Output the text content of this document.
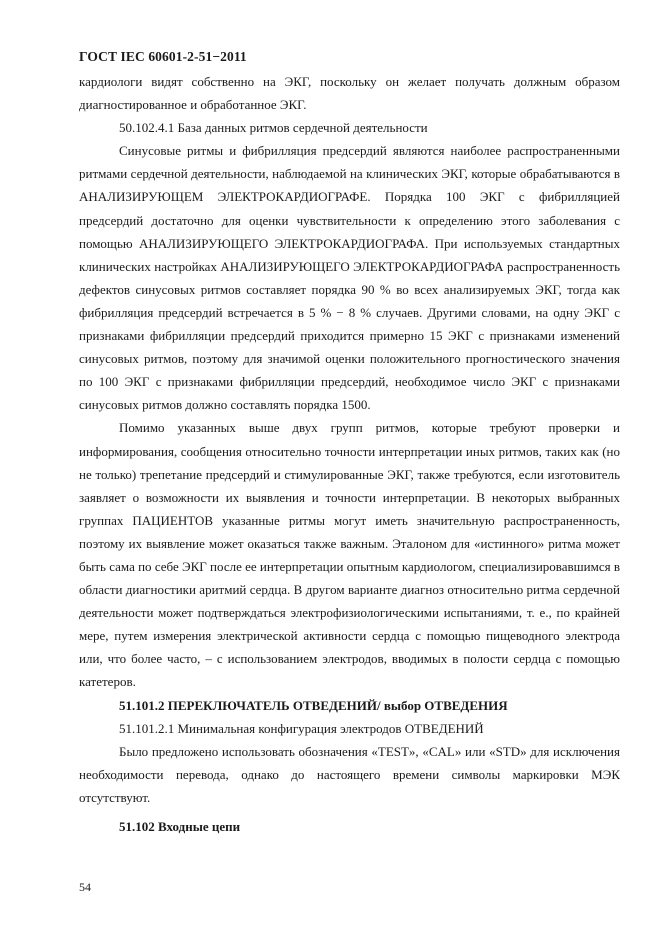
ГОСТ IEC 60601-2-51−2011

кардиологи видят собственно на ЭКГ, поскольку он желает получать должным образом диагностированное и обработанное ЭКГ.

50.102.4.1 База данных ритмов сердечной деятельности

Синусовые ритмы и фибрилляция предсердий являются наиболее распространенными ритмами сердечной деятельности, наблюдаемой на клинических ЭКГ, которые обрабатываются в АНАЛИЗИРУЮЩЕМ ЭЛЕКТРОКАРДИОГРАФЕ. Порядка 100 ЭКГ с фибрилляцией предсердий достаточно для оценки чувствительности к определению этого заболевания с помощью АНАЛИЗИРУЮЩЕГО ЭЛЕКТРОКАРДИОГРАФА. При используемых стандартных клинических настройках АНАЛИЗИРУЮЩЕГО ЭЛЕКТРОКАРДИОГРАФА распространенность дефектов синусовых ритмов составляет порядка 90 % во всех анализируемых ЭКГ, тогда как фибрилляция предсердий встречается в 5 % − 8 % случаев. Другими словами, на одну ЭКГ с признаками фибрилляции предсердий приходится примерно 15 ЭКГ с признаками изменений синусовых ритмов, поэтому для значимой оценки положительного прогностического значения по 100 ЭКГ с признаками фибрилляции предсердий, необходимое число ЭКГ с признаками синусовых ритмов должно составлять порядка 1500.

Помимо указанных выше двух групп ритмов, которые требуют проверки и информирования, сообщения относительно точности интерпретации иных ритмов, таких как (но не только) трепетание предсердий и стимулированные ЭКГ, также требуются, если изготовитель заявляет о возможности их выявления и точности интерпретации. В некоторых выбранных группах ПАЦИЕНТОВ указанные ритмы могут иметь значительную распространенность, поэтому их выявление может оказаться также важным. Эталоном для «истинного» ритма может быть сама по себе ЭКГ после ее интерпретации опытным кардиологом, специализировавшимся в области диагностики аритмий сердца. В другом варианте диагноз относительно ритма сердечной деятельности может подтверждаться электрофизиологическими испытаниями, т. е., по крайней мере, путем измерения электрической активности сердца с помощью пищеводного электрода или, что более часто, – с использованием электродов, вводимых в полости сердца с помощью катетеров.

51.101.2 ПЕРЕКЛЮЧАТЕЛЬ ОТВЕДЕНИЙ/ выбор ОТВЕДЕНИЯ

51.101.2.1 Минимальная конфигурация электродов ОТВЕДЕНИЙ

Было предложено использовать обозначения «TEST», «CAL» или «STD» для исключения необходимости перевода, однако до настоящего времени символы маркировки МЭК отсутствуют.

51.102 Входные цепи

54
